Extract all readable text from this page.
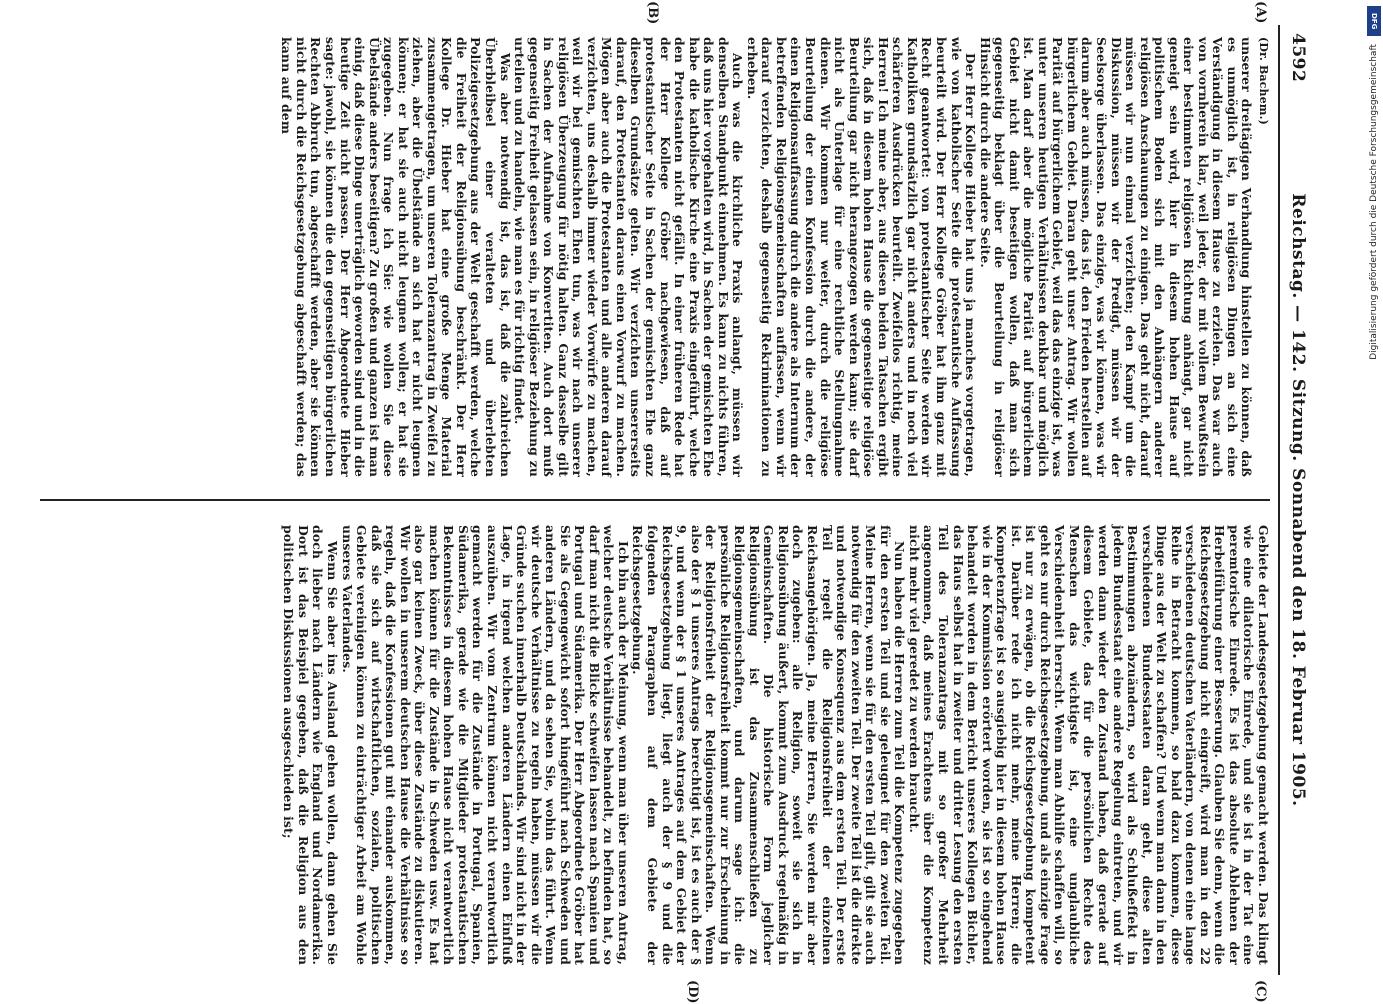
4592
Reichstag. — 142. Sitzung. Sonnabend den 18. Februar 1905.
(A)
(B)
(C)
(D)

(Dr. Bachem.)

unserer dreitägigen Verhandlung hinstellen zu können, daß es unmöglich ist, in religiösen Dingen an sich eine Verständigung in diesem Hause zu erzielen. Das war auch von vornherein klar, weil jeder, der mit vollem Bewußtsein einer bestimmten religiösen Richtung anhängt, gar nicht geneigt sein wird, hier in diesem hohen Hause auf politischem Boden sich mit den Anhängern anderer religiösen Anschauungen zu einigen. Das geht nicht, darauf müssen wir nun einmal verzichten; den Kampf um die Diskussion, müssen wir der Predigt, müssen wir der Seelsorge überlassen. Das einzige, was wir können, was wir darum aber auch müssen, das ist, den Frieden herstellen auf bürgerlichem Gebiet. Daran geht unser Antrag. Wir wollen Parität auf bürgerlichem Gebiet, weil das das einzige ist, was unter unseren heutigen Verhältnissen denkbar und möglich ist. Man darf aber die mögliche Parität auf bürgerlichem Gebiet nicht damit beseitigen wollen, daß man sich gegenseitig beklagt über die Beurteilung in religiöser Hinsicht durch die andere Seite.

Der Herr Kollege Hieber hat uns ja manches vorgetragen, wie von katholischer Seite die protestantische Auffassung beurteilt wird. Der Herr Kollege Gröber hat ihm ganz mit Recht geantwortet: von protestantischer Seite werden wir Katholiken grundsätzlich gar nicht anders und in noch viel schärferen Ausdrücken beurteilt. Zweifellos richtig, meine Herren! Ich meine aber, aus diesen beiden Tatsachen ergibt sich, daß in diesem hohen Hause die gegenseitige religiöse Beurteilung gar nicht herangezogen werden kann; sie darf nicht als Unterlage für eine rechtliche Stellungnahme dienen. Wir kommen nur weiter, durch die religiöse Beurteilung der einen Konfession durch die andere, der einen Religionsauffassung durch die andere als Internum der betreffenden Religionsgemeinschaften auffassen, wenn wir darauf verzichten, deshalb gegenseitig Rekriminationen zu erheben.

Auch was die kirchliche Praxis anlangt, müssen wir denselben Standpunkt einnehmen. Es kann zu nichts führen, daß uns hier vorgehalten wird, in Sachen der gemischten Ehe habe die katholische Kirche eine Praxis eingeführt, welche den Protestanten nicht gefällt. In einer früheren Rede hat der Herr Kollege Gröber nachgewiesen, daß auf protestantischer Seite in Sachen der gemischten Ehe ganz dieselben Grundsätze gelten. Wir verzichten unsererseits darauf, den Protestanten daraus einen Vorwurf zu machen. Mögen aber auch die Protestanten und alle anderen darauf verzichten, uns deshalb immer wieder Vorwürfe zu machen, weil wir bei gemischten Ehen tun, was wir nach unserer religiösen Überzeugung für nötig halten. Ganz dasselbe gilt in Sachen der Aufnahme von Konvertiten. Auch dort muß gegenseitig Freiheit gelassen sein, in religiöser Beziehung zu urteilen und zu handeln, wie man es für richtig findet.

Was aber notwendig ist, das ist, daß die zahlreichen Überbleibsel einer veralteten und überlebten Polizeigesetzgebung aus der Welt geschafft werden, welche die Freiheit der Religionsübung beschränkt. Der Herr Kollege Dr. Hieber hat eine große Menge Material zusammengetragen, um unseren Toleranzantrag in Zweifel zu ziehen, aber die Übelstände an sich hat er nicht leugnen können; er hat sie auch nicht leugnen wollen; er hat sie zugegeben. Nun frage ich Sie: wie wollen Sie diese Übelstände anders beseitigen? Zu großen und ganzen ist man einig, daß diese Dinge unerträglich geworden sind und in die heutige Zeit nicht passen. Der Herr Abgeordnete Hieber sagte: jawohl, sie können die den gegenseitigen bürgerlichen Rechten Abbruch tun, abgeschafft werden, aber sie können nicht durch die Reichsgesetzgebung abgeschafft werden; das kann auf dem

Gebiete der Landesgesetzgebung gemacht werden. Das klingt wie eine dilatorische Einrede, und sie ist in der Tat eine peremtorische Einrede. Es ist das absolute Ablehnen der Herbeiführung einer Besserung. Glauben Sie denn, wenn die Reichsgesetzgebung nicht eingreift, wird man in den 22 verschiedenen deutschen Vaterländern, von denen eine lange Reihe in Betracht kommen, so bald dazu kommen, diese Dinge aus der Welt zu schaffen? Und wenn man dann in den verschiedenen Bundesstaaten daran geht, diese alten Bestimmungen abzuändern, so wird als Schlußeffekt in jedem Bundesstaat eine andere Regelung eintreten, und wir werden dann wieder den Zustand haben, daß gerade auf diesem Gebiete, das für die persönlichen Rechte des Menschen das wichtigste ist, eine unglaubliche Verschiedenheit herrscht. Wenn man Abhilfe schaffen will, so geht es nur durch Reichsgesetzgebung, und als einzige Frage ist nur zu erwägen, ob die Reichsgesetzgebung kompetent ist. Darüber rede ich nicht mehr, meine Herren; die Kompetenzfrage ist so ausgiebig hier in diesem hohen Hause wie in der Kommission erörtert worden, sie ist so eingehend behandelt worden in dem Bericht unseres Kollegen Bichler, das Haus selbst hat in zweiter und dritter Lesung den ersten Teil des Toleranzantrags mit so großer Mehrheit angenommen, daß meines Erachtens über die Kompetenz nicht mehr viel geredet zu werden braucht.

Nun haben die Herren zum Teil die Kompetenz zugegeben für den ersten Teil und sie geleugnet für den zweiten Teil. Meine Herren, wenn sie für den ersten Teil gilt, gilt sie auch notwendig für den zweiten Teil. Der zweite Teil ist die direkte und notwendige Konsequenz aus dem ersten Teil. Der erste Teil regelt die Religionsfreiheit der einzelnen Reichsangehörigen. Ja, meine Herren, Sie werden mir aber doch zugeben: alle Religion, soweit sie sich in Religionsübung äußert, kommt zum Ausdruck regelmäßig in Gemeinschaften. Die historische Form jeglicher Religionsübung ist das Zusammenschließen zu Religionsgemeinschaften, und darum sage ich: die persönliche Religionsfreiheit kommt nur zur Erscheinung in der Religionsfreiheit der Religionsgemeinschaften. Wenn also der § 1 unseres Antrags berechtigt ist, ist es auch der § 9, und wenn der § 1 unseres Antrages auf dem Gebiet der Reichsgesetzgebung liegt, liegt auch der § 9 und die folgenden Paragraphen auf dem Gebiete der Reichsgesetzgebung.

Ich bin auch der Meinung, wenn man über unseren Antrag, welcher deutsche Verhältnisse behandelt, zu befinden hat, so darf man nicht die Blicke schweifen lassen nach Spanien und Portugal und Südamerika. Der Herr Abgeordnete Gröber hat Sie als Gegengewicht sofort hingeführt nach Schweden und anderen Ländern, und da sehen Sie, wohin das führt. Wenn wir deutsche Verhältnisse zu regeln haben, müssen wir die Gründe suchen innerhalb Deutschlands. Wir sind nicht in der Lage, in irgend welchen anderen Ländern einen Einfluß auszuüben. Wir vom Zentrum können nicht verantwortlich gemacht werden für die Zustände in Portugal, Spanien, Südamerika, gerade wie die Mitglieder protestantischen Bekenntnisses in diesem hohen Hause nicht verantwortlich machen können für die Zustände in Schweden usw. Es hat also gar keinen Zweck, über diese Zustände zu diskutieren. Wir wollen in unserem deutschen Hause die Verhältnisse so regeln, daß die Konfessionen gut mit einander auskommen, daß sie sich auf wirtschaftlichen, sozialen, politischen Gebiete vereinigen können zu einträchtiger Arbeit am Wohle unseres Vaterlandes.

Wenn Sie aber ins Ausland gehen wollen, dann gehen Sie doch lieber nach Ländern wie England und Nordamerika. Dort ist das Beispiel gegeben, daß die Religion aus den politischen Diskussionen ausgeschieden ist;

DFG
Digitalisierung gefördert durch die Deutsche Forschungsgemeinschaft
